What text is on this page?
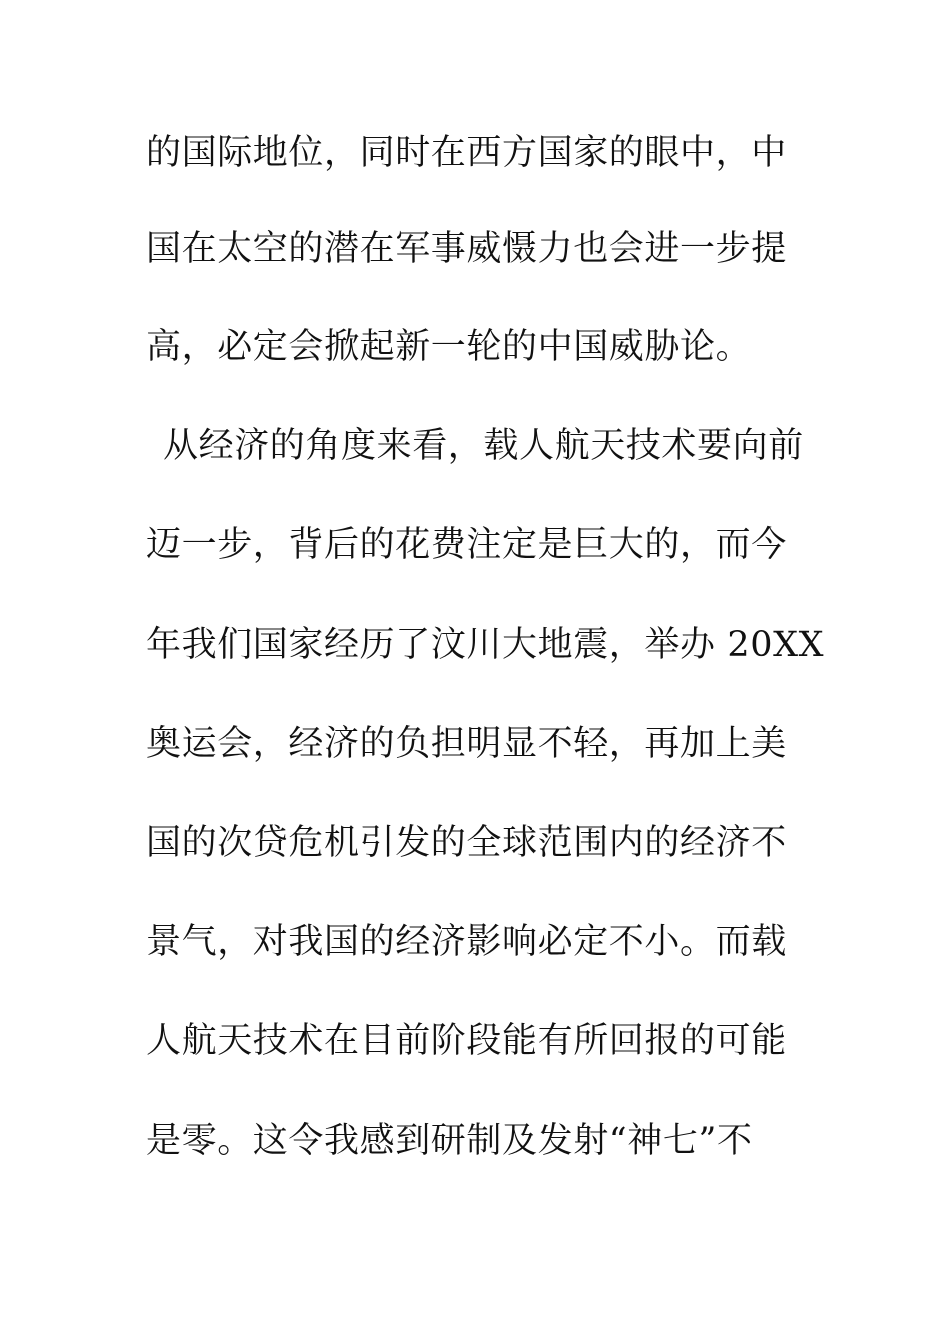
的国际地位，同时在西方国家的眼中，中
国在太空的潜在军事威慑力也会进一步提
高，必定会掀起新一轮的中国威胁论。
从经济的角度来看，载人航天技术要向前
迈一步，背后的花费注定是巨大的，而今
年我们国家经历了汶川大地震，举办 20XX
奥运会，经济的负担明显不轻，再加上美
国的次贷危机引发的全球范围内的经济不
景气，对我国的经济影响必定不小。而载
人航天技术在目前阶段能有所回报的可能
是零。这令我感到研制及发射“神七”不
